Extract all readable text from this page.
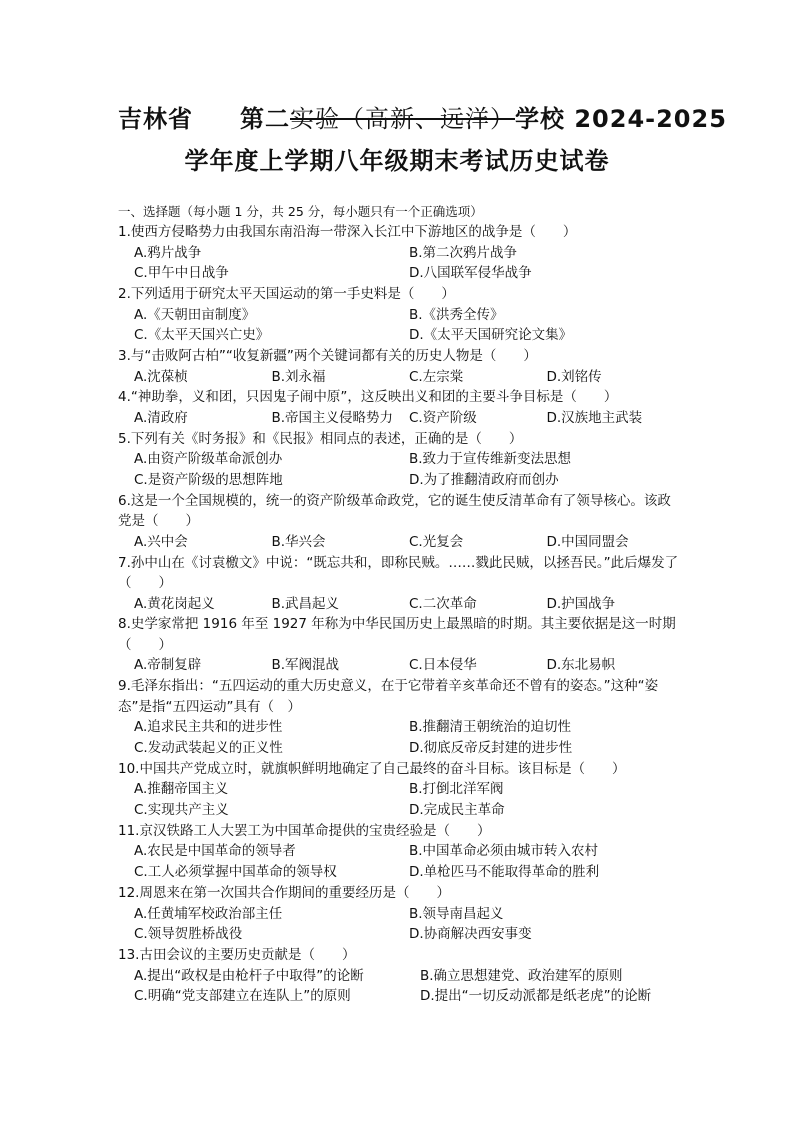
吉林省 第二实验（高新、远洋）学校 2024-2025
学年度上学期八年级期末考试历史试卷
一、选择题（每小题 1 分，共 25 分，每小题只有一个正确选项）
1.使西方侵略势力由我国东南沿海一带深入长江中下游地区的战争是（　　）
A.鸦片战争	B.第二次鸦片战争
C.甲午中日战争	D.八国联军侵华战争
2.下列适用于研究太平天国运动的第一手史料是（　　）
A.《天朝田亩制度》	B.《洪秀全传》
C.《太平天国兴亡史》	D.《太平天国研究论文集》
3.与“击败阿古柏”“收复新疆”两个关键词都有关的历史人物是（　　）
A.沈葆桢	B.刘永福	C.左宗棠	D.刘铭传
4.“神助拳，义和团，只因鬼子闹中原”，这反映出义和团的主要斗争目标是（　　）
A.清政府	B.帝国主义侵略势力	C.资产阶级	D.汉族地主武装
5.下列有关《时务报》和《民报》相同点的表述，正确的是（　　）
A.由资产阶级革命派创办	B.致力于宣传维新变法思想
C.是资产阶级的思想阵地	D.为了推翻清政府而创办
6.这是一个全国规模的，统一的资产阶级革命政党，它的诞生使反清革命有了领导核心。该政党是（　　）
A.兴中会	B.华兴会	C.光复会	D.中国同盟会
7.孙中山在《讨袁檄文》中说：“既忘共和，即称民贼。……戮此民贼，以拯吾民。”此后爆发了（　　）
A.黄花岗起义	B.武昌起义	C.二次革命	D.护国战争
8.史学家常把 1916 年至 1927 年称为中华民国历史上最黑暗的时期。其主要依据是这一时期（　　）
A.帝制复辟	B.军阀混战	C.日本侵华	D.东北易帜
9.毛泽东指出：“五四运动的重大历史意义，在于它带着辛亥革命还不曾有的姿态。”这种“姿态”是指“五四运动”具有（　）
A.追求民主共和的进步性	B.推翻清王朝统治的迫切性
C.发动武装起义的正义性	D.彻底反帝反封建的进步性
10.中国共产党成立时，就旗帜鲜明地确定了自己最终的奋斗目标。该目标是（　　）
A.推翻帝国主义	B.打倒北洋军阀
C.实现共产主义	D.完成民主革命
11.京汉铁路工人大罢工为中国革命提供的宝贵经验是（　　）
A.农民是中国革命的领导者	B.中国革命必须由城市转入农村
C.工人必须掌握中国革命的领导权	D.单枪匹马不能取得革命的胜利
12.周恩来在第一次国共合作期间的重要经历是（　　）
A.任黄埔军校政治部主任	B.领导南昌起义
C.领导贺胜桥战役	D.协商解决西安事变
13.古田会议的主要历史贡献是（　　）
A.提出“政权是由枪杆子中取得”的论断	B.确立思想建党、政治建军的原则
C.明确“党支部建立在连队上”的原则	D.提出“一切反动派都是纸老虎”的论断
